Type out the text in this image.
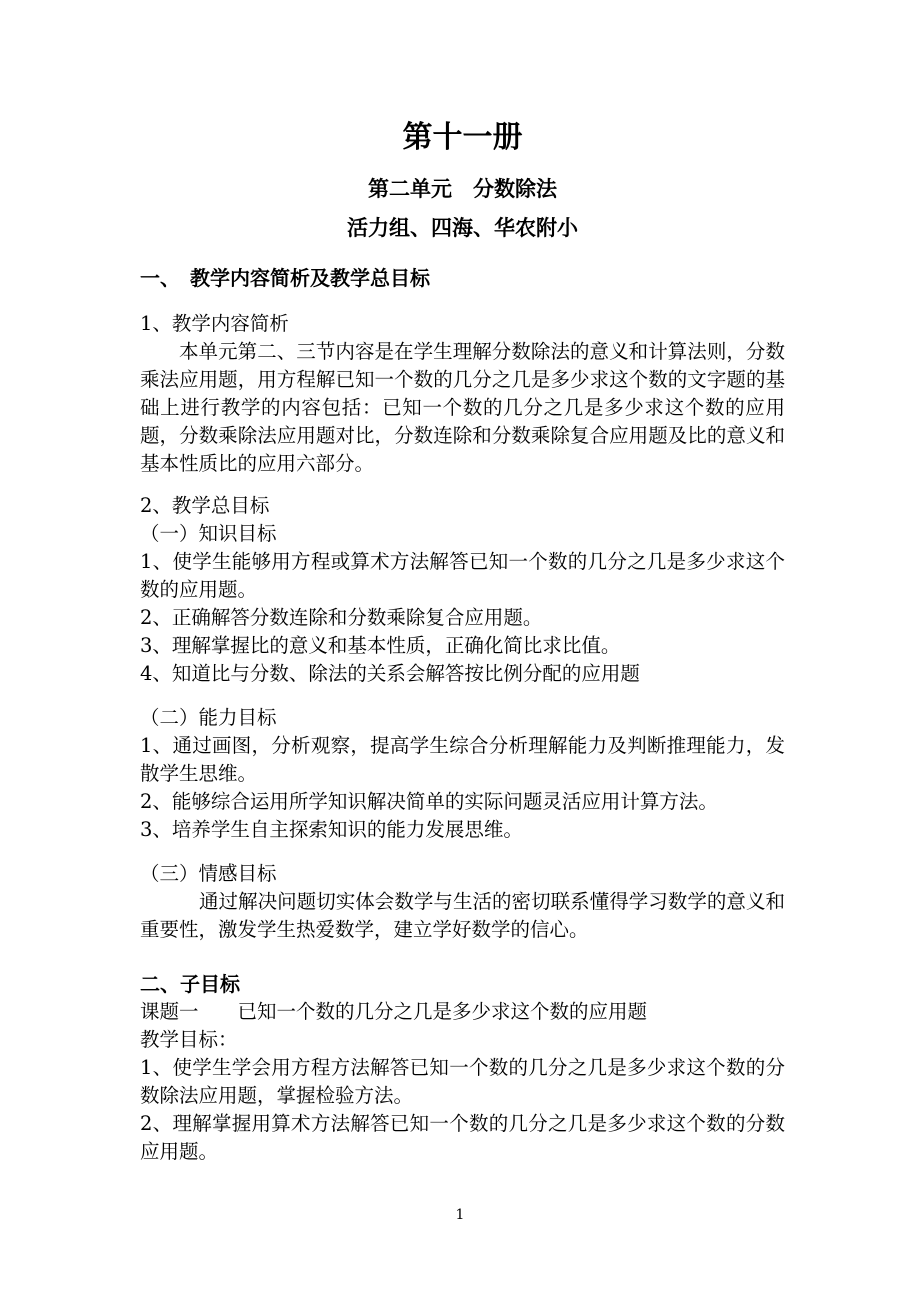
第十一册
第二单元　分数除法
活力组、四海、华农附小
一、　教学内容简析及教学总目标
1、教学内容简析
本单元第二、三节内容是在学生理解分数除法的意义和计算法则，分数乘法应用题，用方程解已知一个数的几分之几是多少求这个数的文字题的基础上进行教学的内容包括：已知一个数的几分之几是多少求这个数的应用题，分数乘除法应用题对比，分数连除和分数乘除复合应用题及比的意义和基本性质比的应用六部分。
2、教学总目标
（一）知识目标
1、使学生能够用方程或算术方法解答已知一个数的几分之几是多少求这个数的应用题。
2、正确解答分数连除和分数乘除复合应用题。
3、理解掌握比的意义和基本性质，正确化简比求比值。
4、知道比与分数、除法的关系会解答按比例分配的应用题
（二）能力目标
1、通过画图，分析观察，提高学生综合分析理解能力及判断推理能力，发散学生思维。
2、能够综合运用所学知识解决简单的实际问题灵活应用计算方法。
3、培养学生自主探索知识的能力发展思维。
（三）情感目标
通过解决问题切实体会数学与生活的密切联系懂得学习数学的意义和重要性，激发学生热爱数学，建立学好数学的信心。
二、子目标
课题一　　已知一个数的几分之几是多少求这个数的应用题
教学目标：
1、使学生学会用方程方法解答已知一个数的几分之几是多少求这个数的分数除法应用题，掌握检验方法。
2、理解掌握用算术方法解答已知一个数的几分之几是多少求这个数的分数应用题。
1
